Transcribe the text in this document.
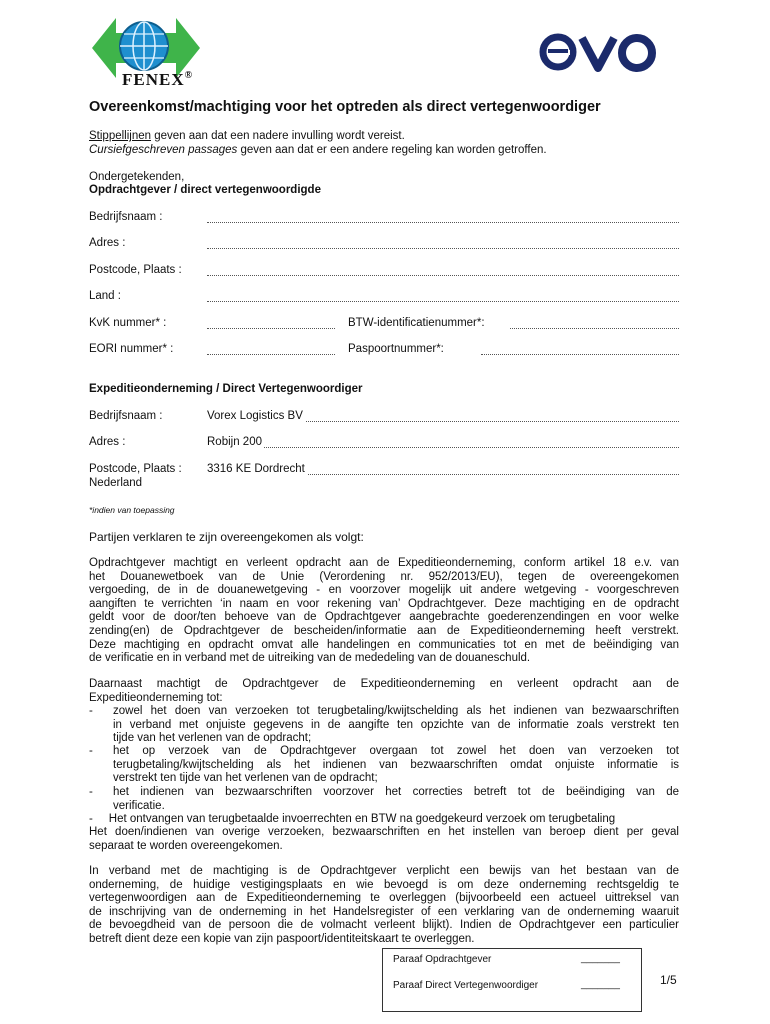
FENEX®
Overeenkomst/machtiging voor het optreden als direct vertegenwoordiger
Stippellijnen geven aan dat een nadere invulling wordt vereist.
Cursiefgeschreven passages geven aan dat er een andere regeling kan worden getroffen.
Ondergetekenden,
Opdrachtgever / direct vertegenwoordigde
Bedrijfsnaam :
Adres :
Postcode, Plaats :
Land :
KvK nummer* :	BTW-identificatienummer*:
EORI nummer* :	Paspoortnummer*:
Expeditieonderneming / Direct Vertegenwoordiger
Bedrijfsnaam :	Vorex Logistics BV
Adres :	Robijn 200
Postcode, Plaats : 3316 KE Dordrecht
Nederland
*indien van toepassing
Partijen verklaren te zijn overeengekomen als volgt:
Opdrachtgever machtigt en verleent opdracht aan de Expeditieonderneming, conform artikel 18 e.v. van
het Douanewetboek van de Unie (Verordening nr. 952/2013/EU), tegen de overeengekomen
vergoeding, de in de douanewetgeving - en voorzover mogelijk uit andere wetgeving - voorgeschreven
aangiften te verrichten ‘in naam en voor rekening van’ Opdrachtgever. Deze machtiging en de opdracht
geldt voor de door/ten behoeve van de Opdrachtgever aangebrachte goederenzendingen en voor welke
zending(en) de Opdrachtgever de bescheiden/informatie aan de Expeditieonderneming heeft verstrekt.
Deze machtiging en opdracht omvat alle handelingen en communicaties tot en met de beëindiging van
de verificatie en in verband met de uitreiking van de mededeling van de douaneschuld.
Daarnaast machtigt de Opdrachtgever de Expeditieonderneming en verleent opdracht aan de
Expeditieonderneming tot:
- zowel het doen van verzoeken tot terugbetaling/kwijtschelding als het indienen van bezwaarschriften
in verband met onjuiste gegevens in de aangifte ten opzichte van de informatie zoals verstrekt ten
tijde van het verlenen van de opdracht;
- het op verzoek van de Opdrachtgever overgaan tot zowel het doen van verzoeken tot
terugbetaling/kwijtschelding als het indienen van bezwaarschriften omdat onjuiste informatie is
verstrekt ten tijde van het verlenen van de opdracht;
- het indienen van bezwaarschriften voorzover het correcties betreft tot de beëindiging van de
verificatie.
-     Het ontvangen van terugbetaalde invoerrechten en BTW na goedgekeurd verzoek om terugbetaling
Het doen/indienen van overige verzoeken, bezwaarschriften en het instellen van beroep dient per geval
separaat te worden overeengekomen.
In verband met de machtiging is de Opdrachtgever verplicht een bewijs van het bestaan van de
onderneming, de huidige vestigingsplaats en wie bevoegd is om deze onderneming rechtsgeldig te
vertegenwoordigen aan de Expeditieonderneming te overleggen (bijvoorbeeld een actueel uittreksel van
de inschrijving van de onderneming in het Handelsregister of een verklaring van de onderneming waaruit
de bevoegdheid van de persoon die de volmacht verleent blijkt). Indien de Opdrachtgever een particulier
betreft dient deze een kopie van zijn paspoort/identiteitskaart te overleggen.
Paraaf Opdrachtgever	_______
Paraaf Direct Vertegenwoordiger	_______	1/5
